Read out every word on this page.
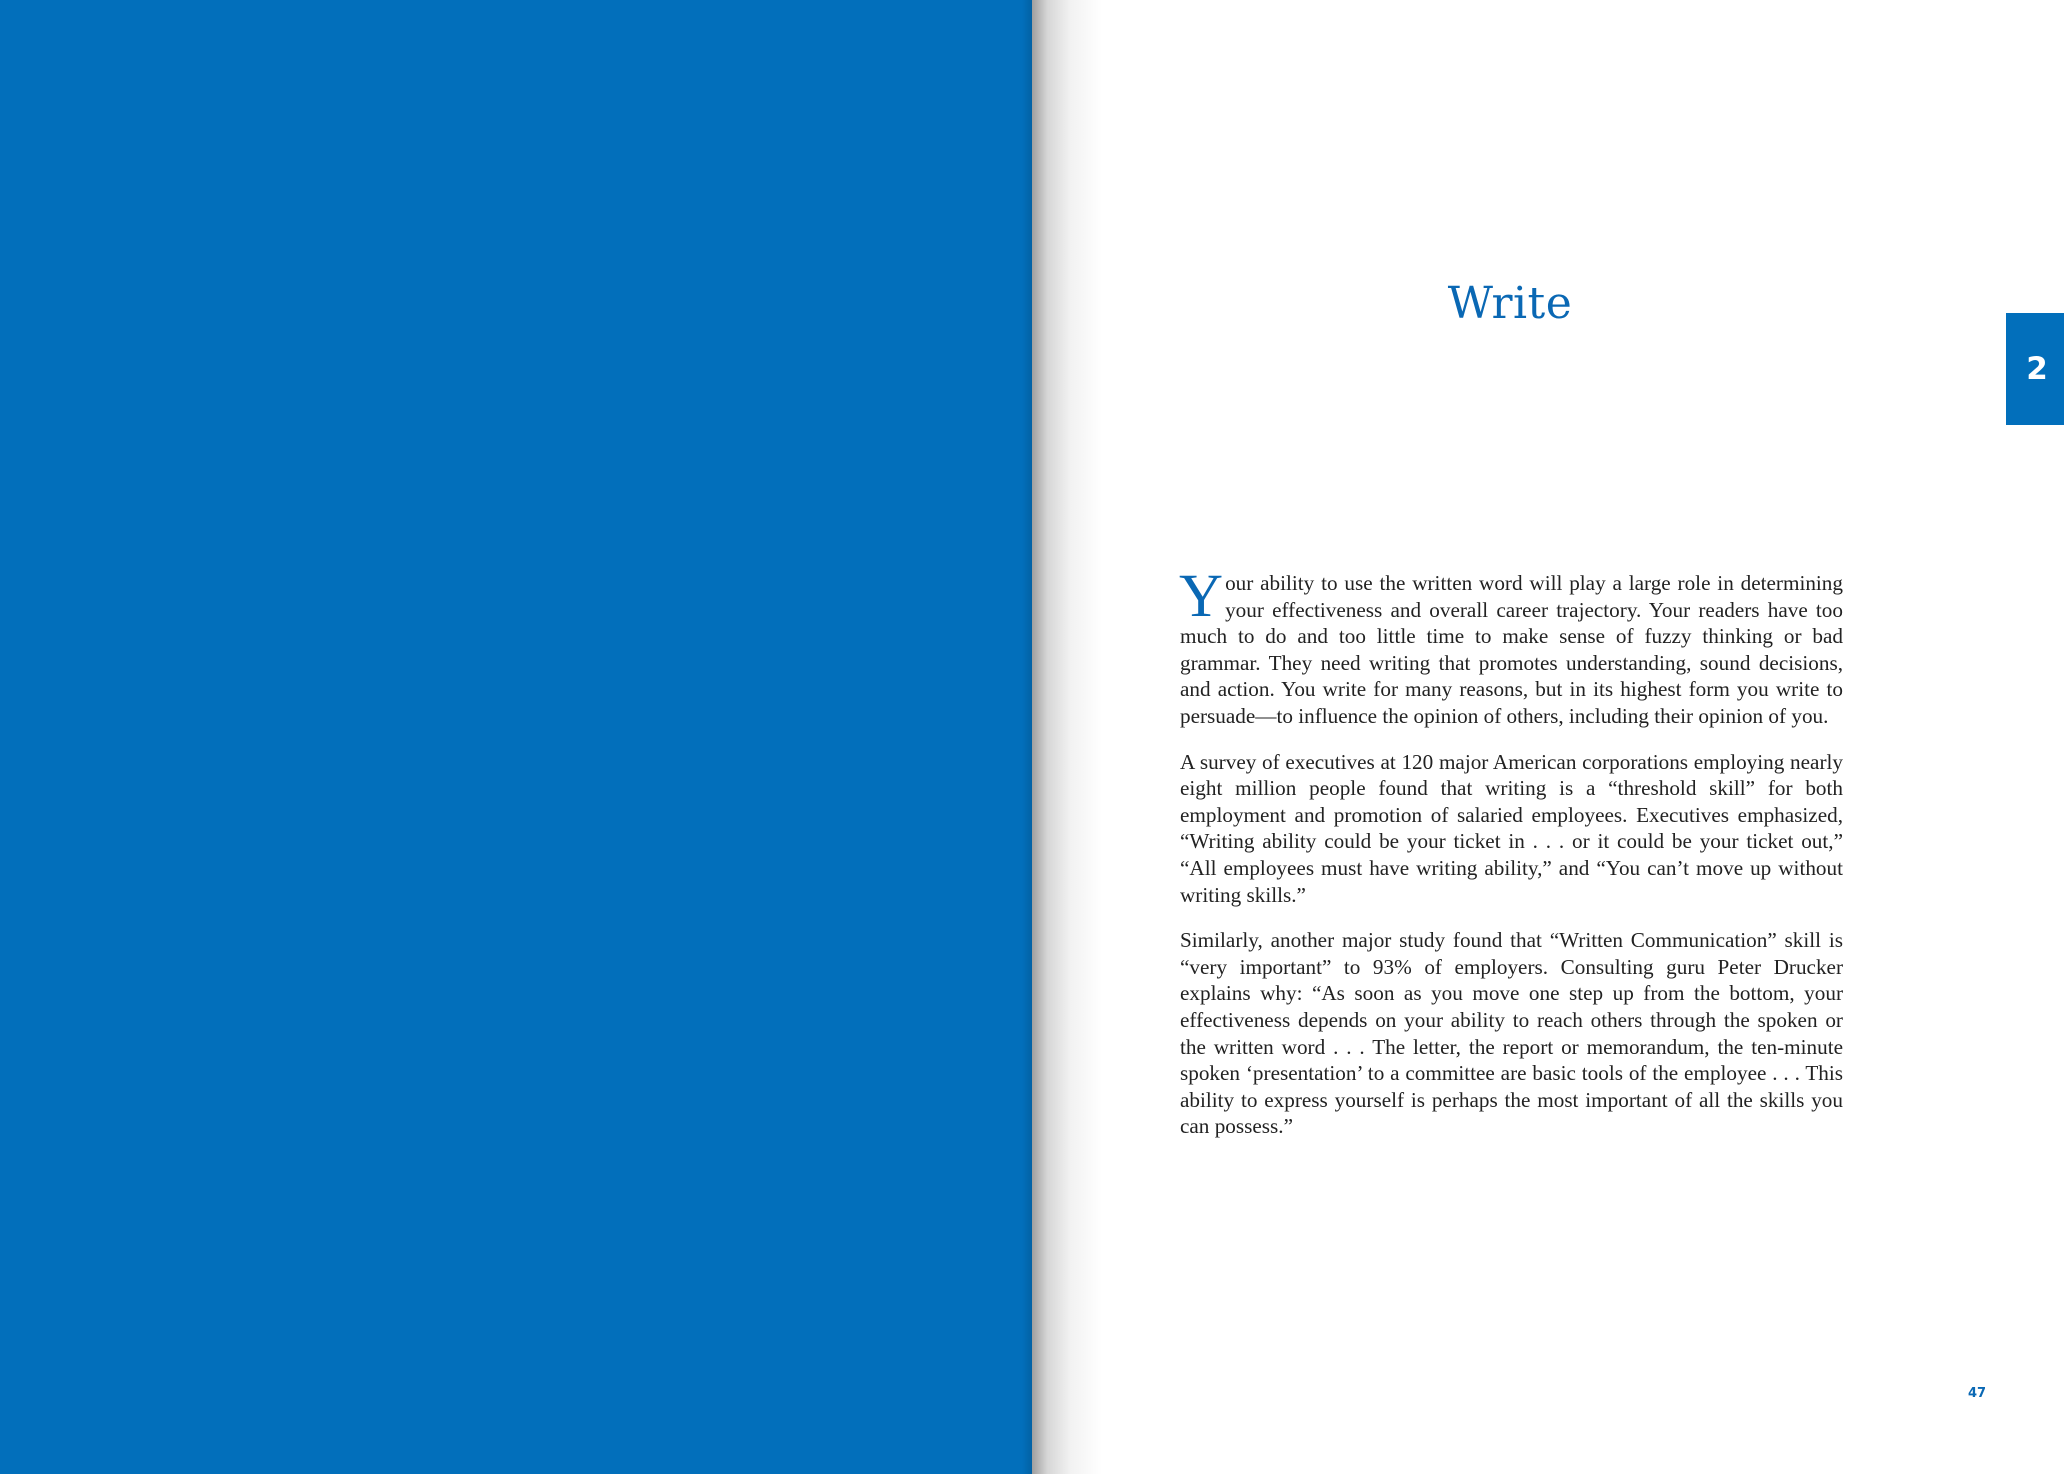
Write
2

Your ability to use the written word will play a large role in determining your effectiveness and overall career trajectory. Your readers have too much to do and too little time to make sense of fuzzy thinking or bad grammar. They need writing that promotes understanding, sound decisions, and action. You write for many reasons, but in its highest form you write to persuade—to influence the opinion of others, including their opinion of you.

A survey of executives at 120 major American corporations employing nearly eight million people found that writing is a “threshold skill” for both employment and promotion of salaried employees. Executives emphasized, “Writing ability could be your ticket in . . . or it could be your ticket out,” “All employees must have writing ability,” and “You can’t move up without writing skills.”

Similarly, another major study found that “Written Communication” skill is “very important” to 93% of employers. Consulting guru Peter Drucker explains why: “As soon as you move one step up from the bottom, your effectiveness depends on your ability to reach others through the spoken or the written word . . . The letter, the report or memorandum, the ten-minute spoken ‘presentation’ to a committee are basic tools of the employee . . . This ability to express yourself is perhaps the most important of all the skills you can possess.”

47
